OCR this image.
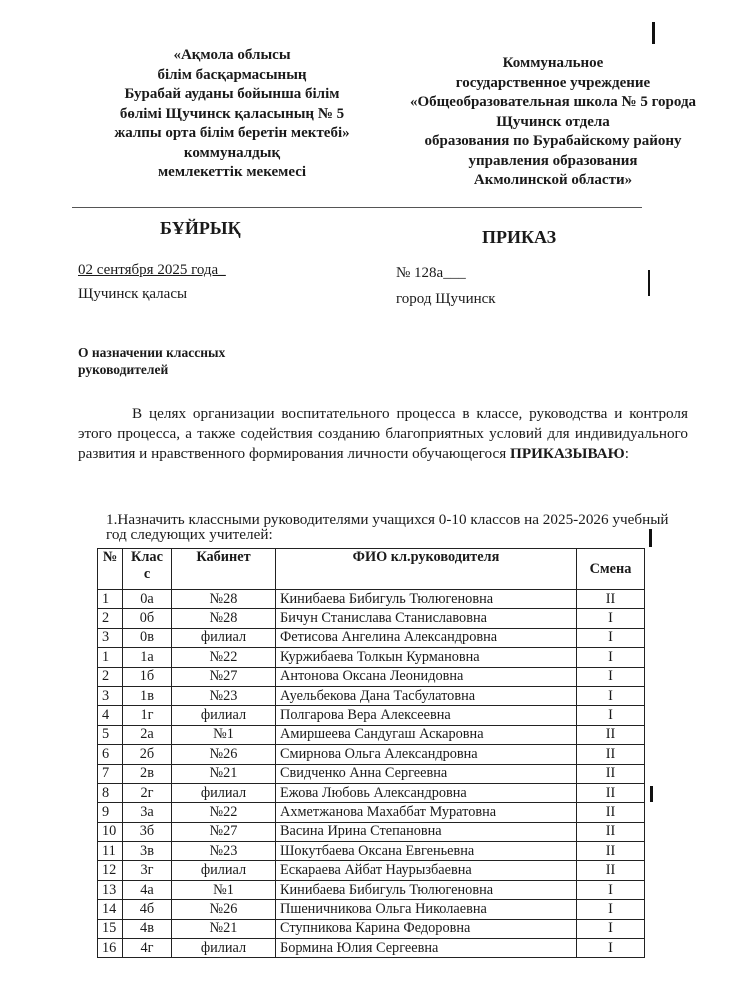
«Ақмола облысы
білім басқармасының
Бурабай ауданы бойынша білім
бөлімі Щучинск қаласының № 5
жалпы орта білім беретін мектебі»
коммуналдық
мемлекеттік мекемесі
Коммунальное
государственное учреждение
«Общеобразовательная школа № 5 города
Щучинск отдела
образования по Бурабайскому району
управления образования
Акмолинской области»
БҰЙРЫҚ	ПРИКАЗ
02 сентября 2025 года_
Щучинск қаласы
№ 128а___
город Щучинск
О назначении классных
руководителей
В целях организации воспитательного процесса в классе, руководства и контроля этого процесса, а также содействия созданию благоприятных условий для индивидуального развития и нравственного формирования личности обучающегося ПРИКАЗЫВАЮ:
1.Назначить классными руководителями учащихся 0-10 классов на 2025-2026 учебный год следующих учителей:
№	Клас с	Кабинет	ФИО кл.руководителя	Смена
1	0а	№28	Кинибаева Бибигуль Тюлюгеновна	II
2	0б	№28	Бичун Станислава Станиславовна	I
3	0в	филиал	Фетисова Ангелина Александровна	I
1	1а	№22	Куржибаева Толкын Курмановна	I
2	1б	№27	Антонова Оксана Леонидовна	I
3	1в	№23	Ауельбекова Дана Тасбулатовна	I
4	1г	филиал	Полгарова Вера Алексеевна	I
5	2а	№1	Амиршеева Сандугаш Аскаровна	II
6	2б	№26	Смирнова Ольга Александровна	II
7	2в	№21	Свидченко Анна Сергеевна	II
8	2г	филиал	Ежова Любовь Александровна	II
9	3а	№22	Ахметжанова Махаббат Муратовна	II
10	3б	№27	Васина Ирина Степановна	II
11	3в	№23	Шокутбаева Оксана Евгеньевна	II
12	3г	филиал	Ескараева Айбат Наурызбаевна	II
13	4а	№1	Кинибаева Бибигуль Тюлюгеновна	I
14	4б	№26	Пшеничникова Ольга Николаевна	I
15	4в	№21	Ступникова Карина Федоровна	I
16	4г	филиал	Бормина Юлия Сергеевна	I
